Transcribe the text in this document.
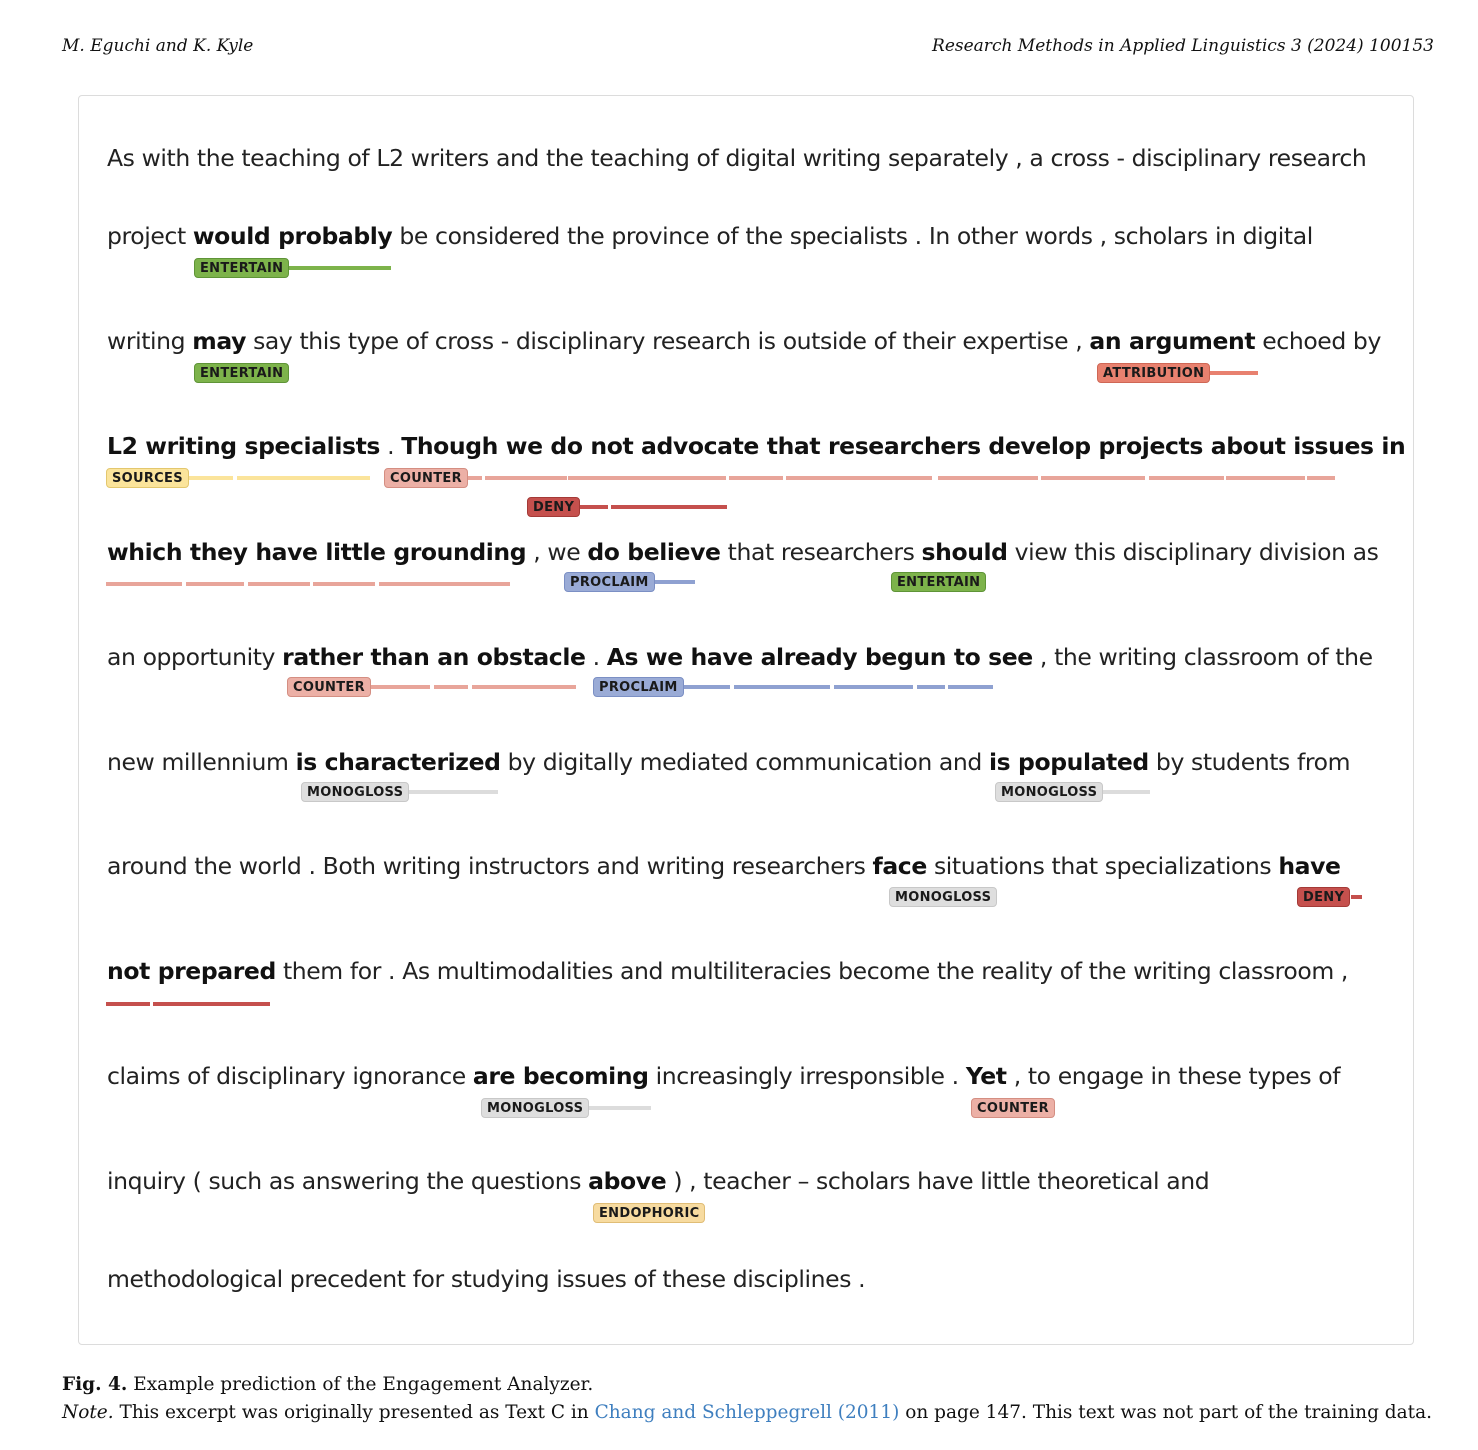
M. Eguchi and K. Kyle	Research Methods in Applied Linguistics 3 (2024) 100153
As with the teaching of L2 writers and the teaching of digital writing separately , a cross - disciplinary research
project would probably be considered the province of the specialists . In other words , scholars in digital
writing may say this type of cross - disciplinary research is outside of their expertise , an argument echoed by
L2 writing specialists . Though we do not advocate that researchers develop projects about issues in
which they have little grounding , we do believe that researchers should view this disciplinary division as
an opportunity rather than an obstacle . As we have already begun to see , the writing classroom of the
new millennium is characterized by digitally mediated communication and is populated by students from
around the world . Both writing instructors and writing researchers face situations that specializations have
not prepared them for . As multimodalities and multiliteracies become the reality of the writing classroom ,
claims of disciplinary ignorance are becoming increasingly irresponsible . Yet , to engage in these types of
inquiry ( such as answering the questions above ) , teacher – scholars have little theoretical and
methodological precedent for studying issues of these disciplines .
ENTERTAIN
ENTERTAIN	ATTRIBUTION
SOURCES	COUNTER
DENY
PROCLAIM	ENTERTAIN
COUNTER	PROCLAIM
MONOGLOSS	MONOGLOSS
MONOGLOSS	DENY
MONOGLOSS	COUNTER
ENDOPHORIC
Fig. 4. Example prediction of the Engagement Analyzer.
Note. This excerpt was originally presented as Text C in Chang and Schleppegrell (2011) on page 147. This text was not part of the training data.
